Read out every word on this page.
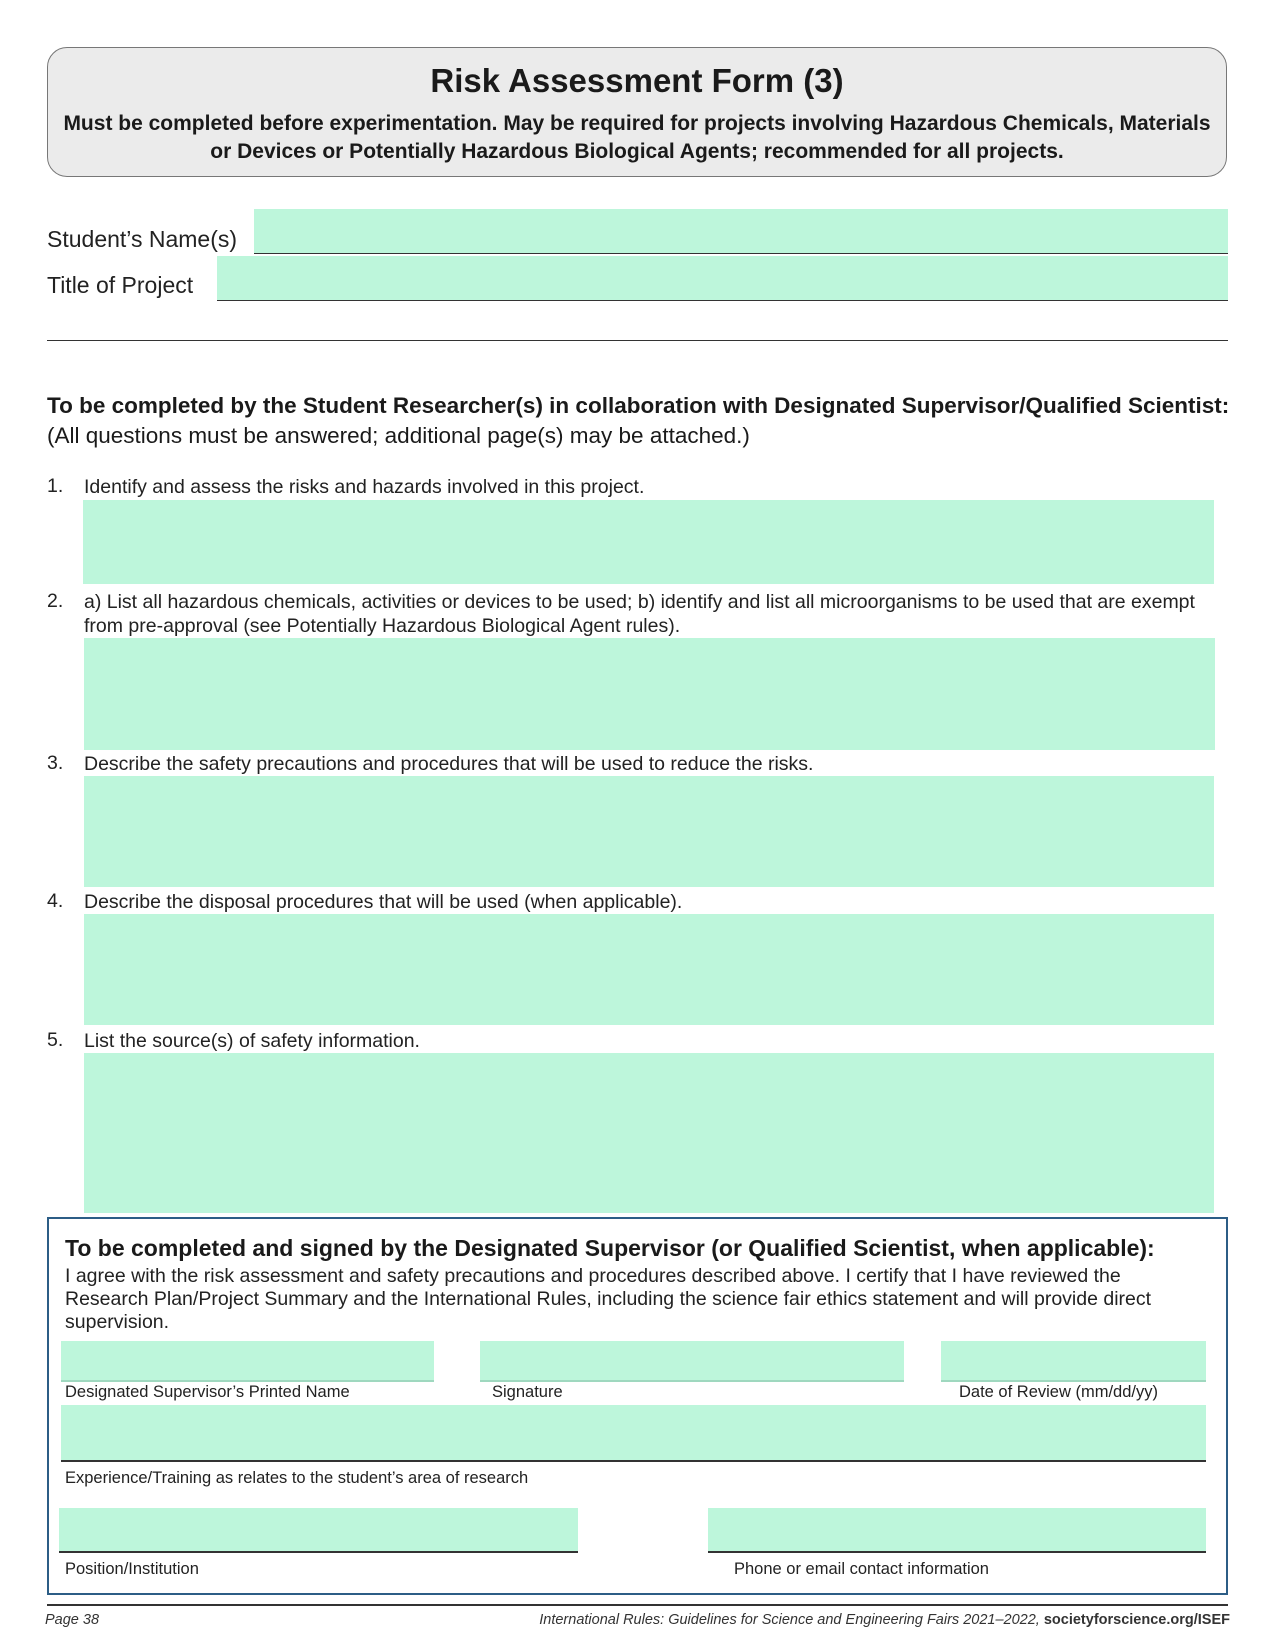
Risk Assessment Form (3)
Must be completed before experimentation. May be required for projects involving Hazardous Chemicals, Materials or Devices or Potentially Hazardous Biological Agents; recommended for all projects.
Student’s Name(s)
Title of Project
To be completed by the Student Researcher(s) in collaboration with Designated Supervisor/Qualified Scientist: (All questions must be answered; additional page(s) may be attached.)
1. Identify and assess the risks and hazards involved in this project.
2. a) List all hazardous chemicals, activities or devices to be used; b) identify and list all microorganisms to be used that are exempt from pre-approval (see Potentially Hazardous Biological Agent rules).
3. Describe the safety precautions and procedures that will be used to reduce the risks.
4. Describe the disposal procedures that will be used (when applicable).
5. List the source(s) of safety information.
To be completed and signed by the Designated Supervisor (or Qualified Scientist, when applicable):
I agree with the risk assessment and safety precautions and procedures described above. I certify that I have reviewed the Research Plan/Project Summary and the International Rules, including the science fair ethics statement and will provide direct supervision.
Designated Supervisor’s Printed Name	Signature	Date of Review (mm/dd/yy)
Experience/Training as relates to the student’s area of research
Position/Institution	Phone or email contact information
Page 38	International Rules: Guidelines for Science and Engineering Fairs 2021–2022, societyforscience.org/ISEF
